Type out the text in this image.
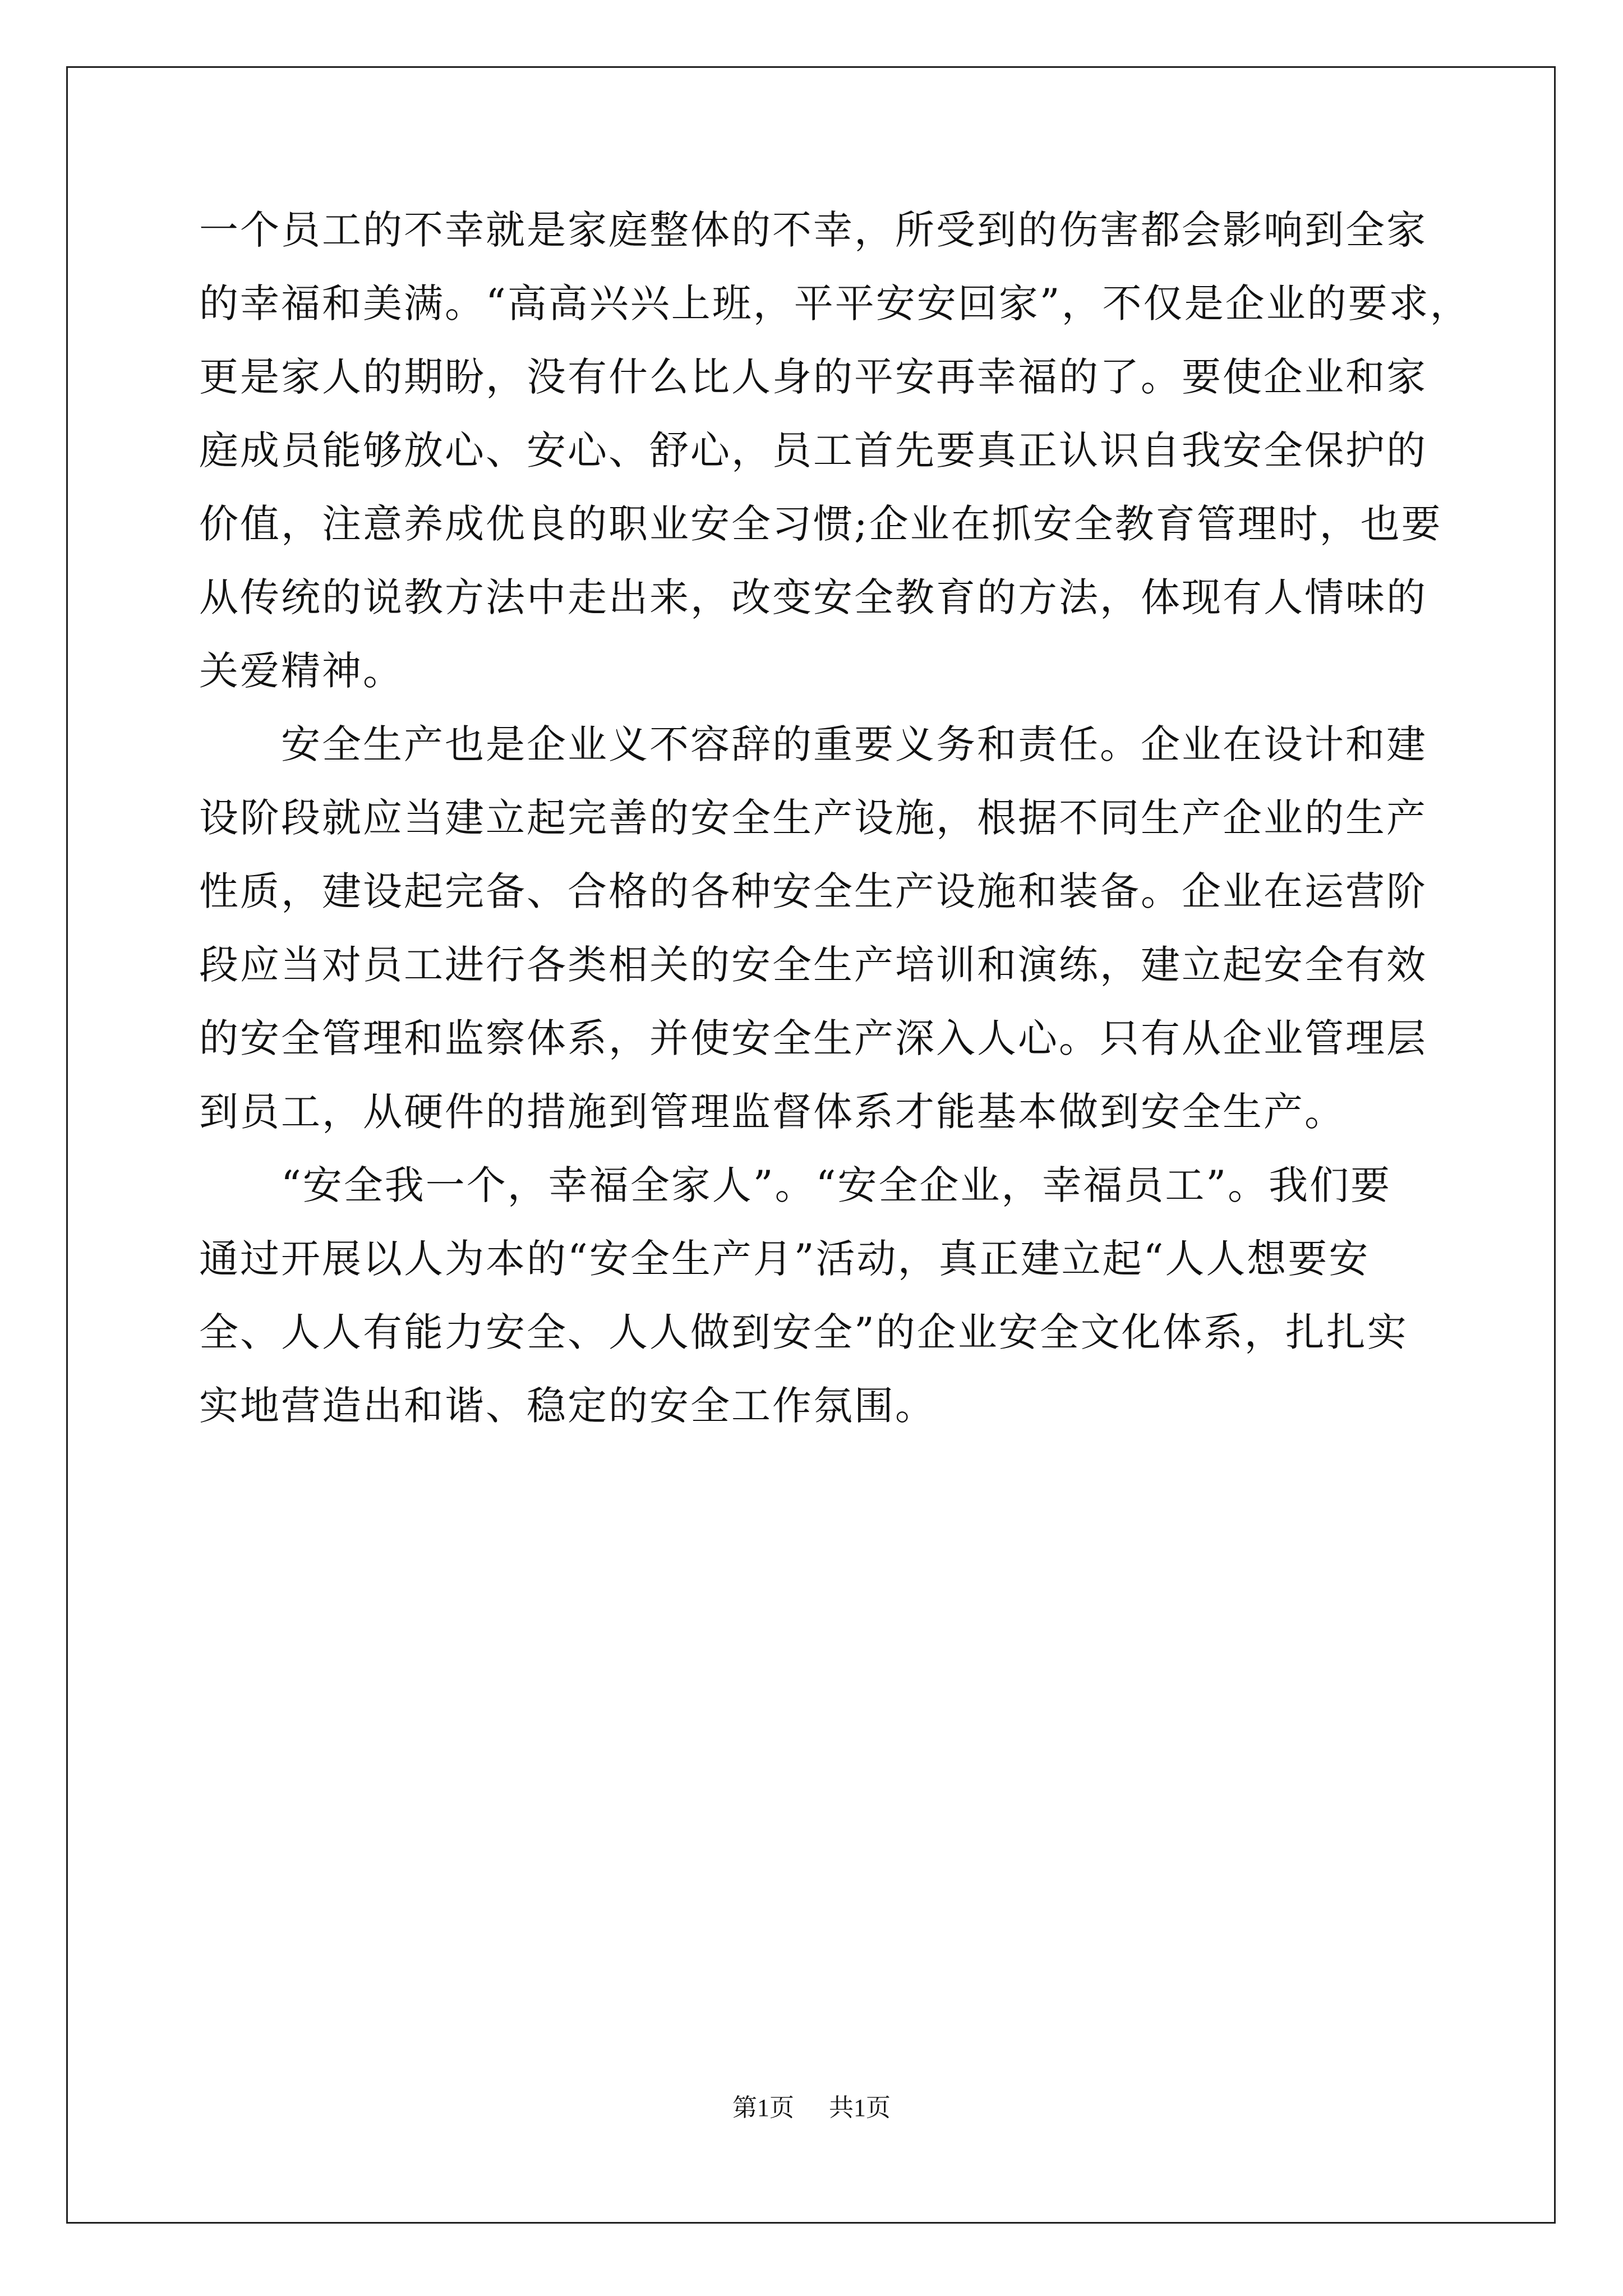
一个员工的不幸就是家庭整体的不幸，所受到的伤害都会影响到全家
的幸福和美满。“高高兴兴上班，平平安安回家”，不仅是企业的要求，
更是家人的期盼，没有什么比人身的平安再幸福的了。要使企业和家
庭成员能够放心、安心、舒心，员工首先要真正认识自我安全保护的
价值，注意养成优良的职业安全习惯;企业在抓安全教育管理时，也要
从传统的说教方法中走出来，改变安全教育的方法，体现有人情味的
关爱精神。
　　安全生产也是企业义不容辞的重要义务和责任。企业在设计和建
设阶段就应当建立起完善的安全生产设施，根据不同生产企业的生产
性质，建设起完备、合格的各种安全生产设施和装备。企业在运营阶
段应当对员工进行各类相关的安全生产培训和演练，建立起安全有效
的安全管理和监察体系，并使安全生产深入人心。只有从企业管理层
到员工，从硬件的措施到管理监督体系才能基本做到安全生产。
　　“安全我一个，幸福全家人”。“安全企业，幸福员工”。我们要
通过开展以人为本的“安全生产月”活动，真正建立起“人人想要安
全、人人有能力安全、人人做到安全”的企业安全文化体系，扎扎实
实地营造出和谐、稳定的安全工作氛围。
第1页 共1页
